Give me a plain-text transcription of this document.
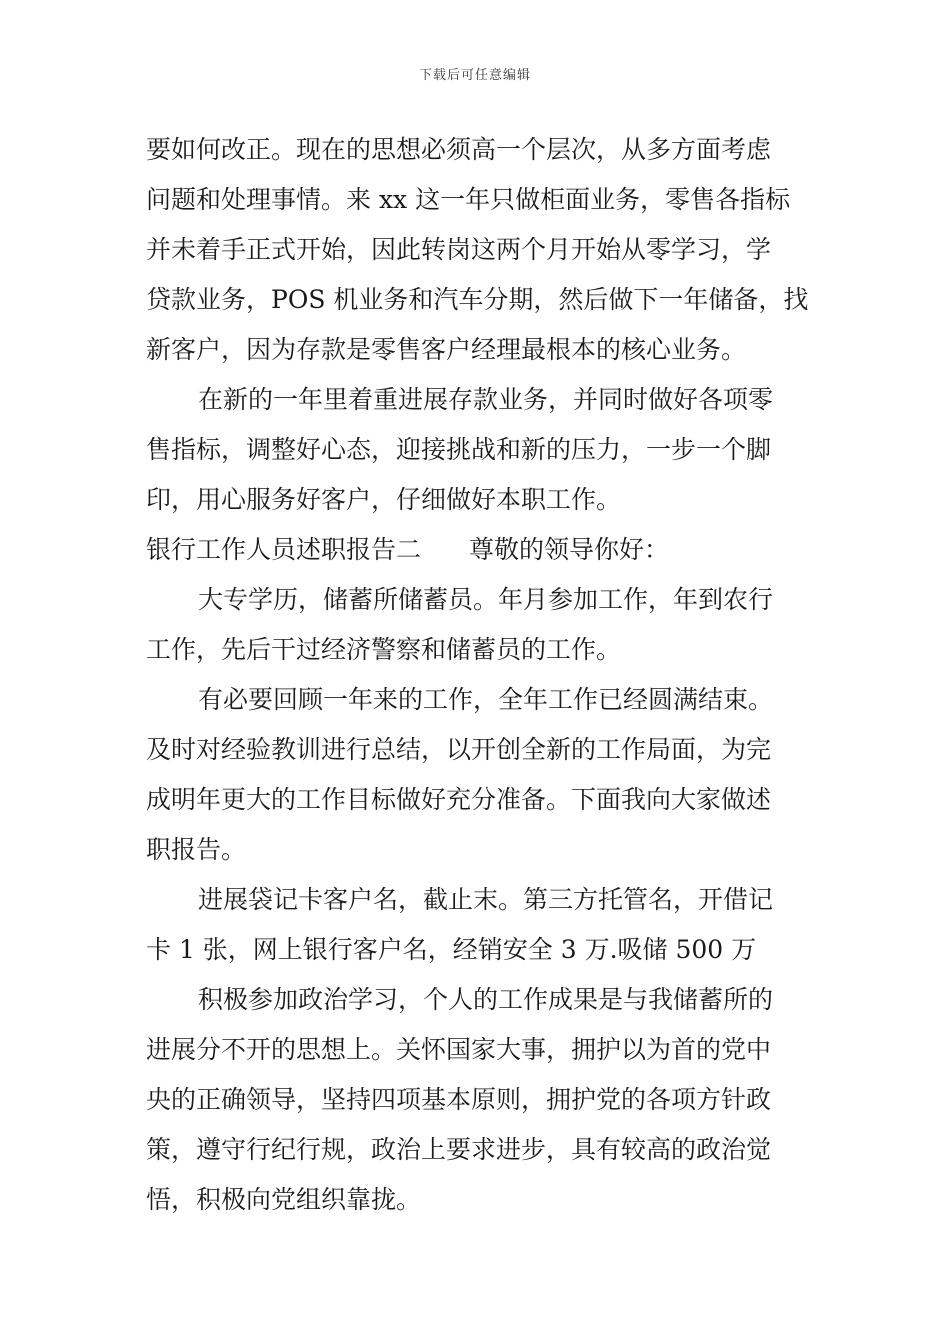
下载后可任意编辑
要如何改正。现在的思想必须高一个层次，从多方面考虑
问题和处理事情。来 xx 这一年只做柜面业务，零售各指标
并未着手正式开始，因此转岗这两个月开始从零学习，学
贷款业务，POS 机业务和汽车分期，然后做下一年储备，找
新客户，因为存款是零售客户经理最根本的核心业务。
在新的一年里着重进展存款业务，并同时做好各项零
售指标，调整好心态，迎接挑战和新的压力，一步一个脚
印，用心服务好客户，仔细做好本职工作。
银行工作人员述职报告二 尊敬的领导你好：
大专学历，储蓄所储蓄员。年月参加工作，年到农行
工作，先后干过经济警察和储蓄员的工作。
有必要回顾一年来的工作，全年工作已经圆满结束。
及时对经验教训进行总结，以开创全新的工作局面，为完
成明年更大的工作目标做好充分准备。下面我向大家做述
职报告。
进展袋记卡客户名，截止末。第三方托管名，开借记
卡 1 张，网上银行客户名，经销安全 3 万.吸储 500 万
积极参加政治学习，个人的工作成果是与我储蓄所的
进展分不开的思想上。关怀国家大事，拥护以为首的党中
央的正确领导，坚持四项基本原则，拥护党的各项方针政
策，遵守行纪行规，政治上要求进步，具有较高的政治觉
悟，积极向党组织靠拢。
